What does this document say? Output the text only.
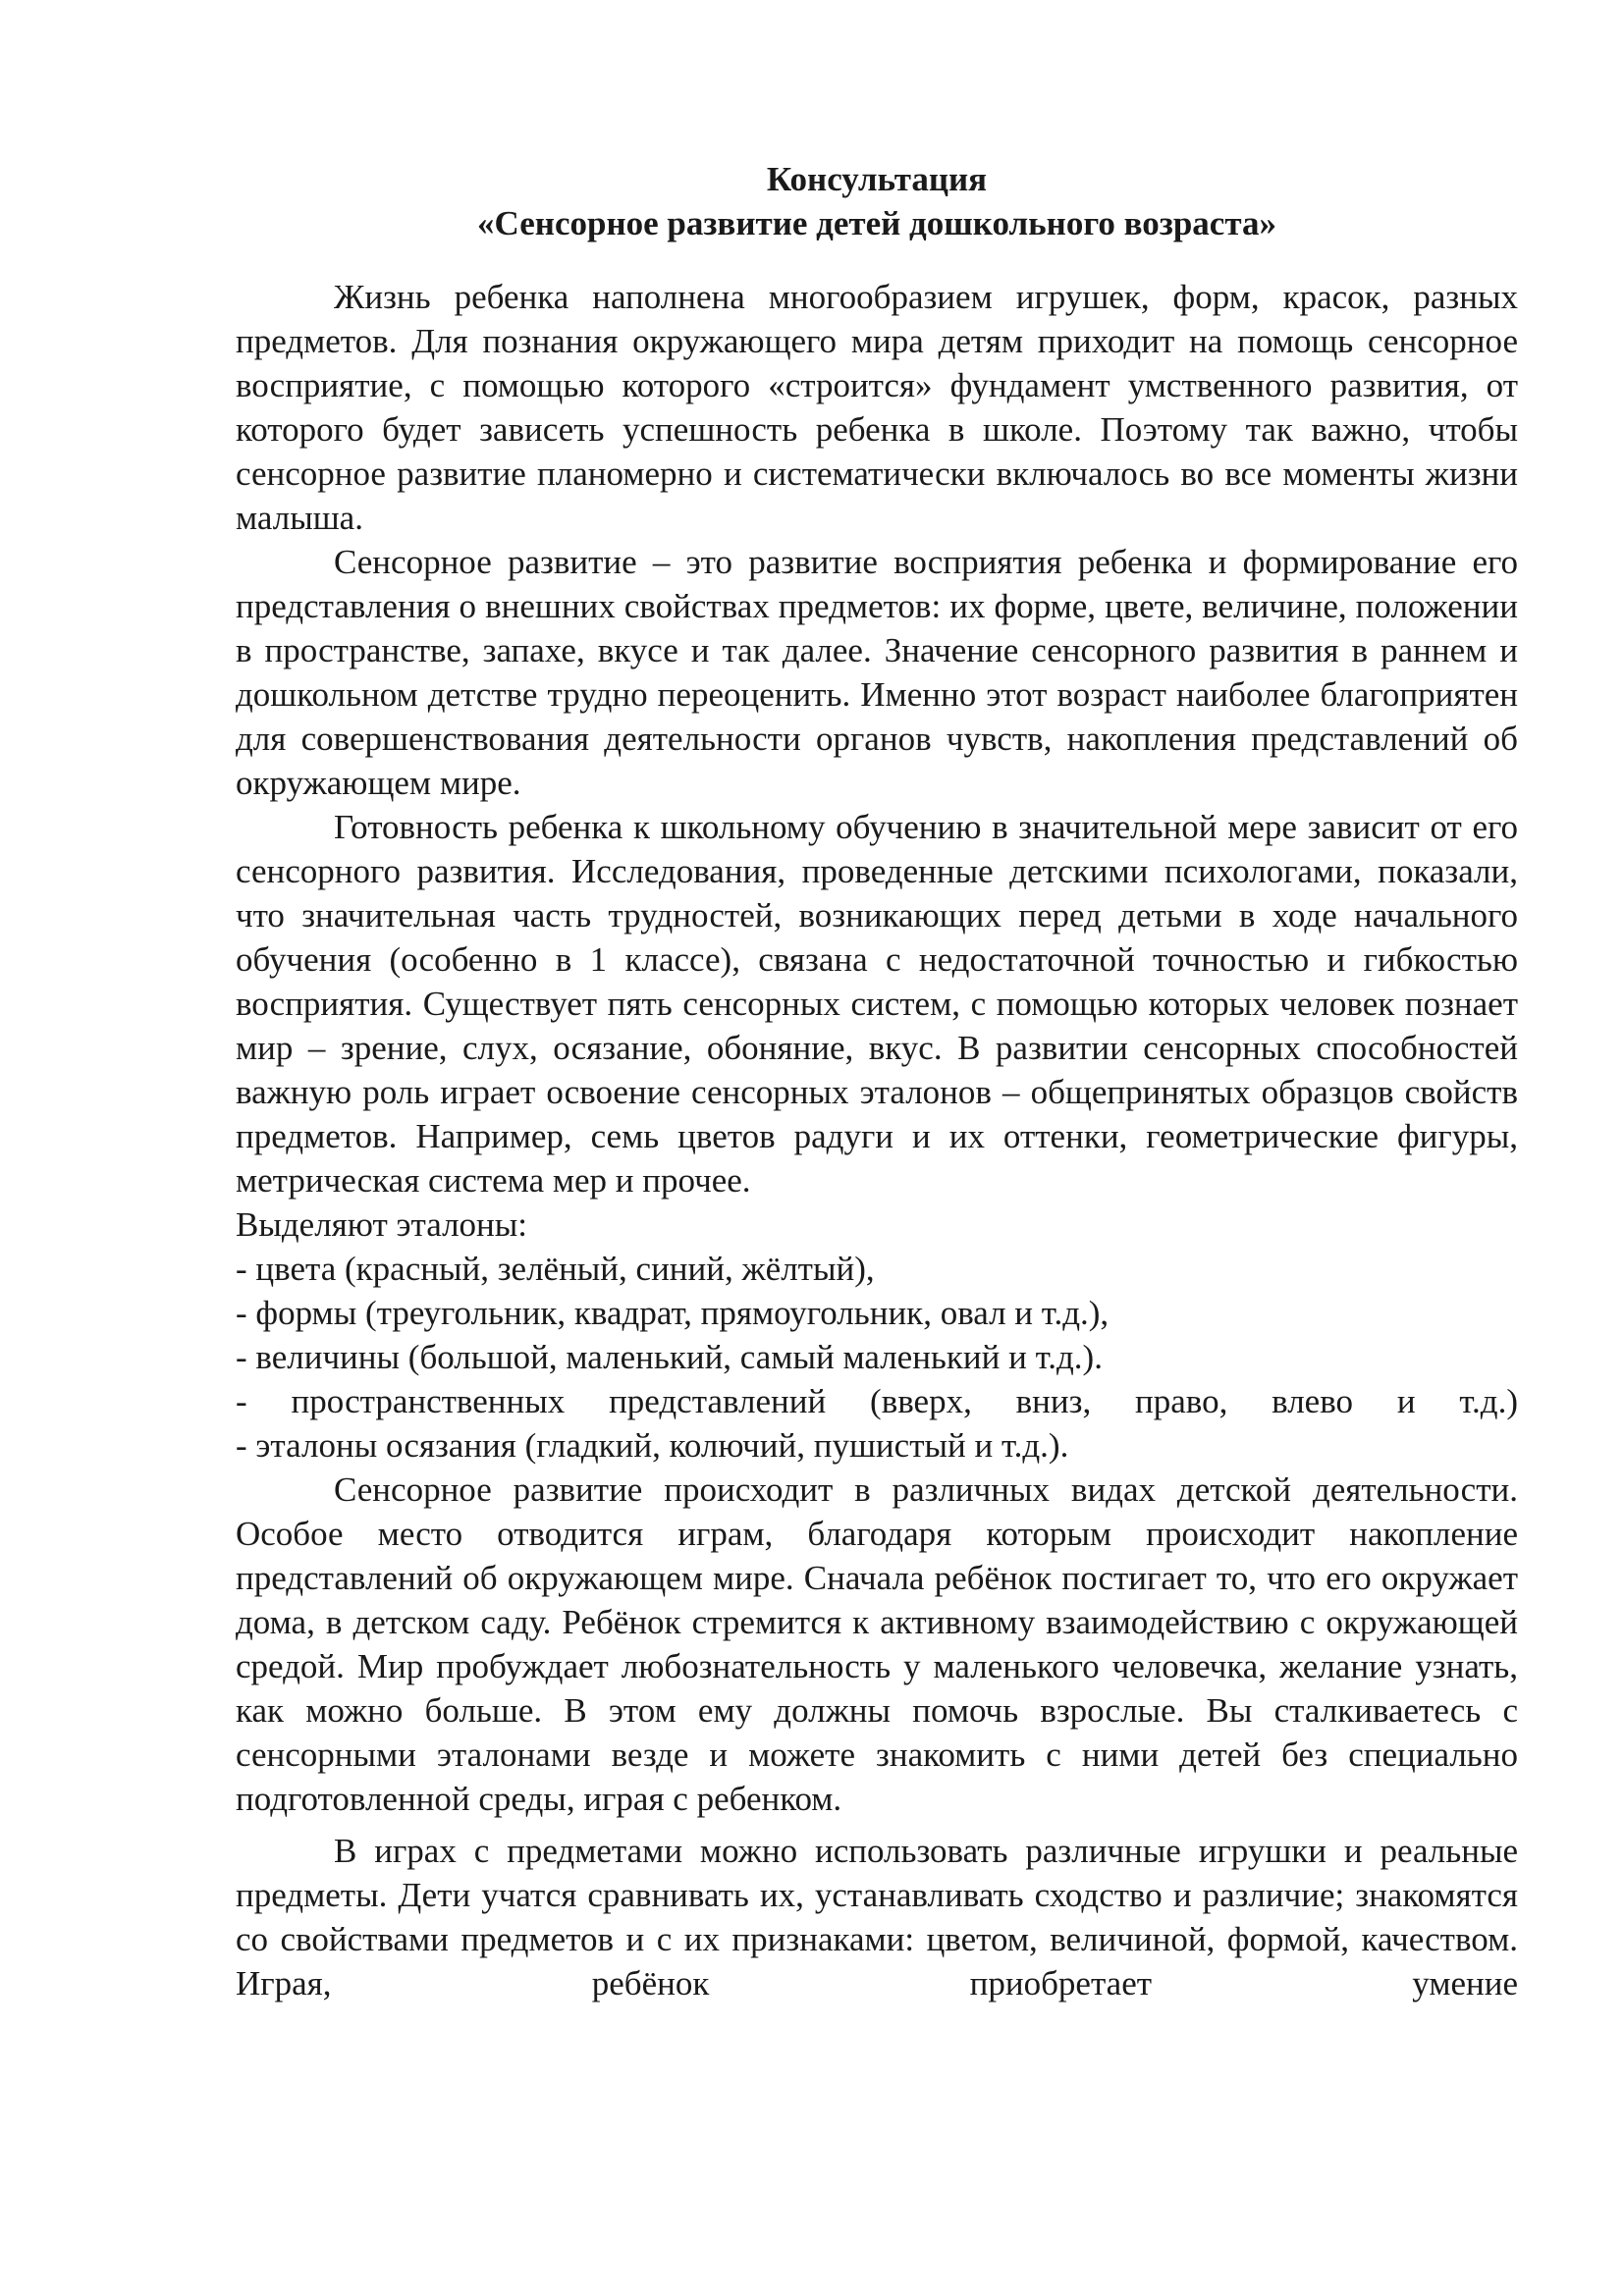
Консультация

«Сенсорное развитие детей дошкольного возраста»

Жизнь ребенка наполнена многообразием игрушек, форм, красок, разных предметов. Для познания окружающего мира детям приходит на помощь сенсорное восприятие, с помощью которого «строится» фундамент умственного развития, от которого будет зависеть успешность ребенка в школе. Поэтому так важно, чтобы сенсорное развитие планомерно и систематически включалось во все моменты жизни малыша.

Сенсорное развитие – это развитие восприятия ребенка и формирование его представления о внешних свойствах предметов: их форме, цвете, величине, положении в пространстве, запахе, вкусе и так далее. Значение сенсорного развития в раннем и дошкольном детстве трудно переоценить. Именно этот возраст наиболее благоприятен для совершенствования деятельности органов чувств, накопления представлений об окружающем мире.

Готовность ребенка к школьному обучению в значительной мере зависит от его сенсорного развития. Исследования, проведенные детскими психологами, показали, что значительная часть трудностей, возникающих перед детьми в ходе начального обучения (особенно в 1 классе), связана с недостаточной точностью и гибкостью восприятия. Существует пять сенсорных систем, с помощью которых человек познает мир – зрение, слух, осязание, обоняние, вкус. В развитии сенсорных способностей важную роль играет освоение сенсорных эталонов – общепринятых образцов свойств предметов. Например, семь цветов радуги и их оттенки, геометрические фигуры, метрическая система мер и прочее.

Выделяют эталоны:

- цвета (красный, зелёный, синий, жёлтый),

- формы (треугольник, квадрат, прямоугольник, овал и т.д.),

- величины (большой, маленький, самый маленький и т.д.).

- пространственных представлений (вверх, вниз, право, влево и т.д.)

- эталоны осязания (гладкий, колючий, пушистый и т.д.).

Сенсорное развитие происходит в различных видах детской деятельности. Особое место отводится играм, благодаря которым происходит накопление представлений об окружающем мире. Сначала ребёнок постигает то, что его окружает дома, в детском саду. Ребёнок стремится к активному взаимодействию с окружающей средой. Мир пробуждает любознательность у маленького человечка, желание узнать, как можно больше. В этом ему должны помочь взрослые. Вы сталкиваетесь с сенсорными эталонами везде и можете знакомить с ними детей без специально подготовленной среды, играя с ребенком.

В играх с предметами можно использовать различные игрушки и реальные предметы. Дети учатся сравнивать их, устанавливать сходство и различие; знакомятся со свойствами предметов и с их признаками: цветом, величиной, формой, качеством. Играя, ребёнок приобретает умение
